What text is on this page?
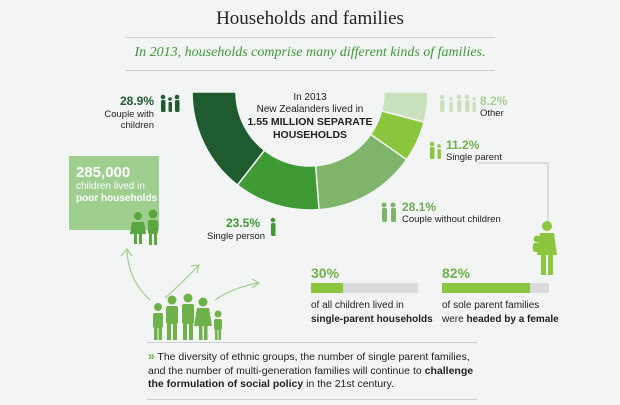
Households and families
In 2013, households comprise many different kinds of families.
28.9%
Couple with children
In 2013
New Zealanders lived in
1.55 MILLION SEPARATE
HOUSEHOLDS
8.2%
Other
11.2%
Single parent
28.1%
Couple without children
23.5%
Single person
285,000
children lived in
poor households
30%
of all children lived in
single-parent households
82%
of sole parent families
were headed by a female
» The diversity of ethnic groups, the number of single parent families, and the number of multi-generation families will continue to challenge the formulation of social policy in the 21st century.
